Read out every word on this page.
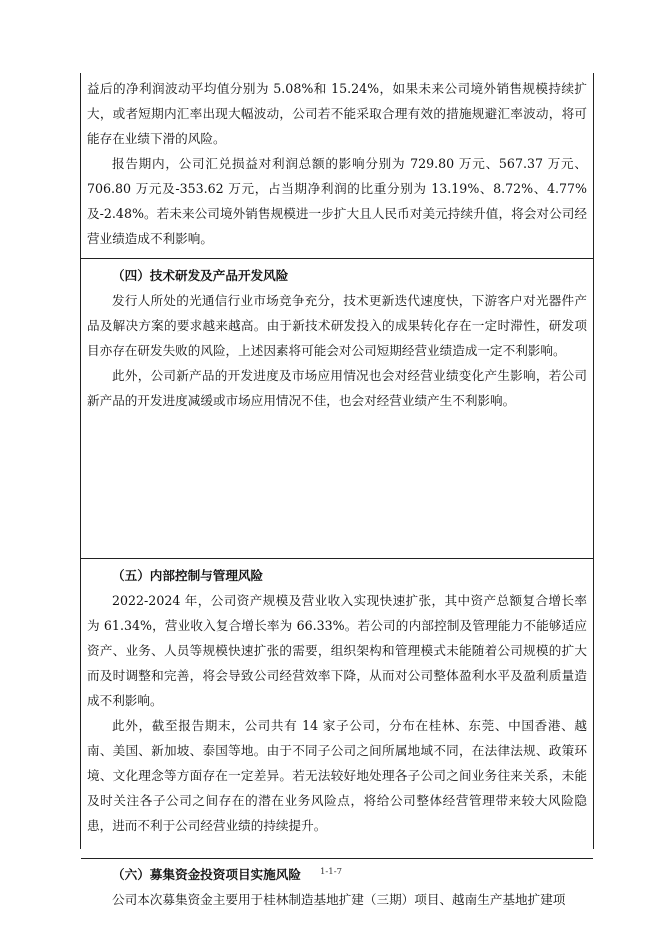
益后的净利润波动平均值分别为 5.08%和 15.24%，如果未来公司境外销售规模持续扩大，或者短期内汇率出现大幅波动，公司若不能采取合理有效的措施规避汇率波动，将可能存在业绩下滑的风险。

报告期内，公司汇兑损益对利润总额的影响分别为 729.80 万元、567.37 万元、706.80 万元及-353.62 万元，占当期净利润的比重分别为 13.19%、8.72%、4.77%及-2.48%。若未来公司境外销售规模进一步扩大且人民币对美元持续升值，将会对公司经营业绩造成不利影响。

（四）技术研发及产品开发风险

发行人所处的光通信行业市场竞争充分，技术更新迭代速度快，下游客户对光器件产品及解决方案的要求越来越高。由于新技术研发投入的成果转化存在一定时滞性，研发项目亦存在研发失败的风险，上述因素将可能会对公司短期经营业绩造成一定不利影响。

此外，公司新产品的开发进度及市场应用情况也会对经营业绩变化产生影响，若公司新产品的开发进度减缓或市场应用情况不佳，也会对经营业绩产生不利影响。

（五）内部控制与管理风险

2022-2024 年，公司资产规模及营业收入实现快速扩张，其中资产总额复合增长率为 61.34%，营业收入复合增长率为 66.33%。若公司的内部控制及管理能力不能够适应资产、业务、人员等规模快速扩张的需要，组织架构和管理模式未能随着公司规模的扩大而及时调整和完善，将会导致公司经营效率下降，从而对公司整体盈利水平及盈利质量造成不利影响。

此外，截至报告期末，公司共有 14 家子公司，分布在桂林、东莞、中国香港、越南、美国、新加坡、泰国等地。由于不同子公司之间所属地域不同，在法律法规、政策环境、文化理念等方面存在一定差异。若无法较好地处理各子公司之间业务往来关系，未能及时关注各子公司之间存在的潜在业务风险点，将给公司整体经营管理带来较大风险隐患，进而不利于公司经营业绩的持续提升。

（六）募集资金投资项目实施风险

公司本次募集资金主要用于桂林制造基地扩建（三期）项目、越南生产基地扩建项

1-1-7
